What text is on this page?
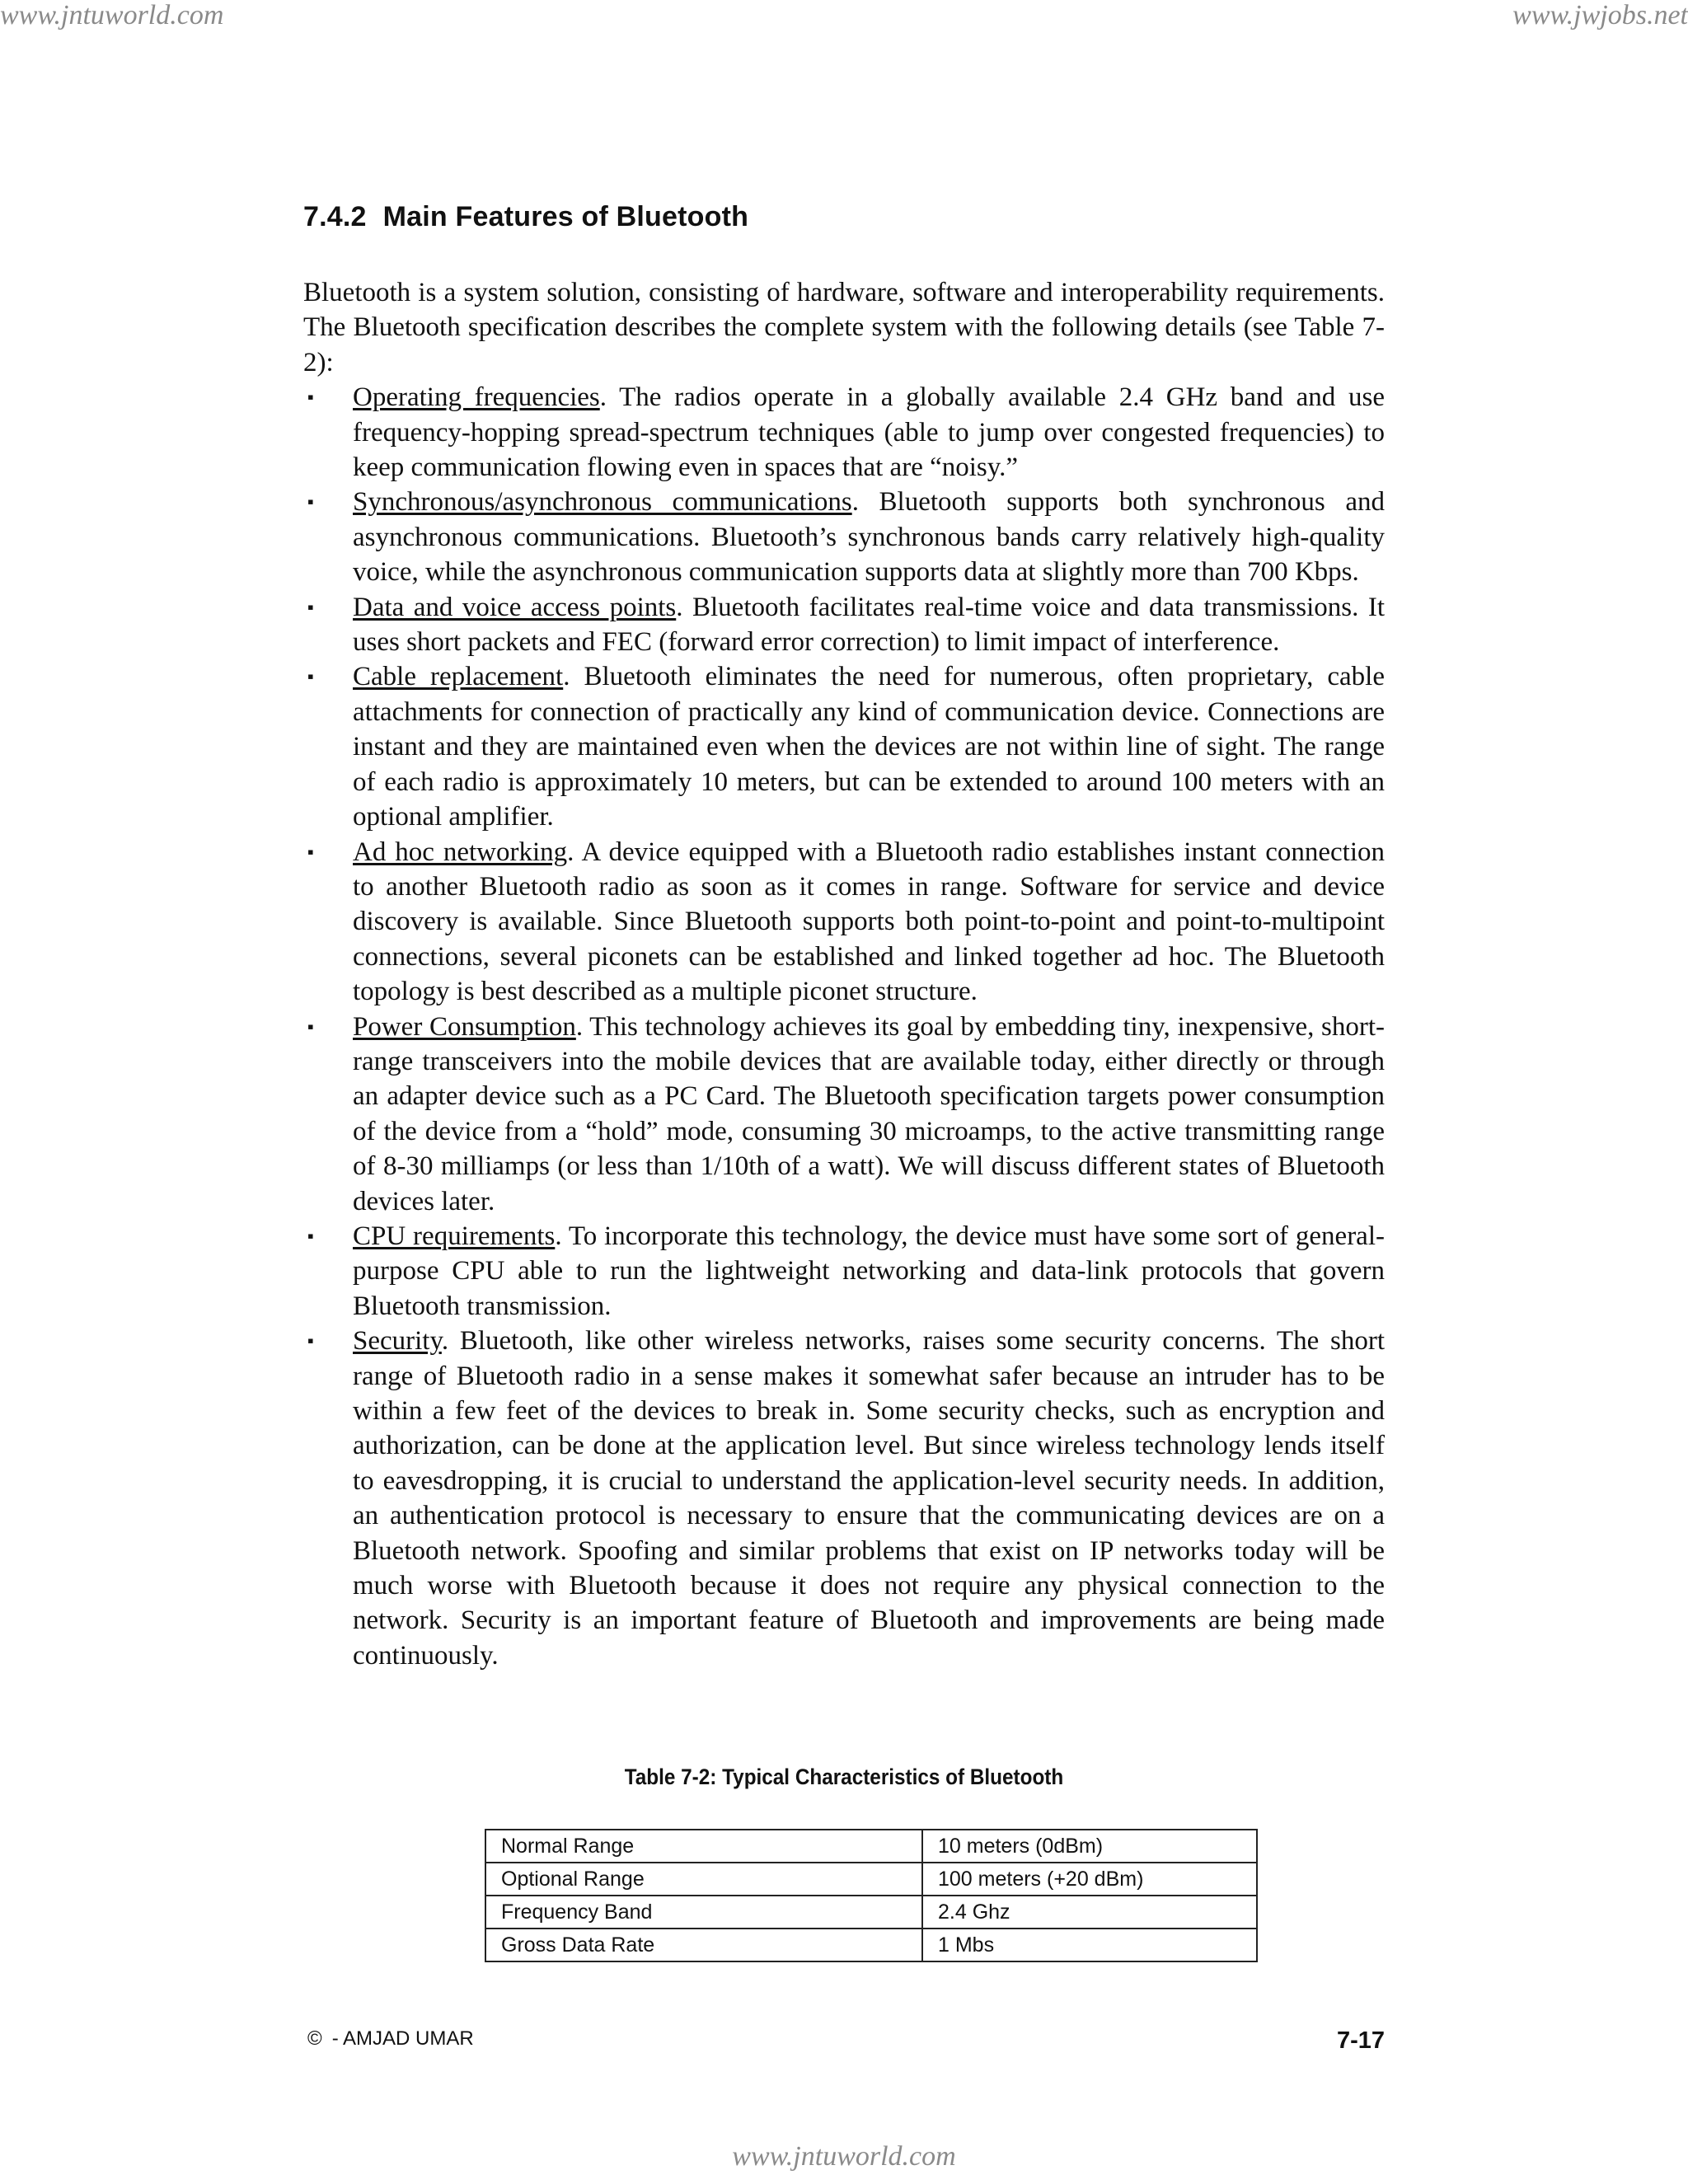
www.jntuworld.com	www.jwjobs.net
7.4.2 Main Features of Bluetooth

Bluetooth is a system solution, consisting of hardware, software and interoperability requirements. The Bluetooth specification describes the complete system with the following details (see Table 7-2):

▪ Operating frequencies. The radios operate in a globally available 2.4 GHz band and use frequency-hopping spread-spectrum techniques (able to jump over congested frequencies) to keep communication flowing even in spaces that are “noisy.”
▪ Synchronous/asynchronous communications. Bluetooth supports both synchronous and asynchronous communications. Bluetooth’s synchronous bands carry relatively high-quality voice, while the asynchronous communication supports data at slightly more than 700 Kbps.
▪ Data and voice access points. Bluetooth facilitates real-time voice and data transmissions. It uses short packets and FEC (forward error correction) to limit impact of interference.
▪ Cable replacement. Bluetooth eliminates the need for numerous, often proprietary, cable attachments for connection of practically any kind of communication device. Connections are instant and they are maintained even when the devices are not within line of sight. The range of each radio is approximately 10 meters, but can be extended to around 100 meters with an optional amplifier.
▪ Ad hoc networking. A device equipped with a Bluetooth radio establishes instant connection to another Bluetooth radio as soon as it comes in range. Software for service and device discovery is available. Since Bluetooth supports both point-to-point and point-to-multipoint connections, several piconets can be established and linked together ad hoc. The Bluetooth topology is best described as a multiple piconet structure.
▪ Power Consumption. This technology achieves its goal by embedding tiny, inexpensive, short-range transceivers into the mobile devices that are available today, either directly or through an adapter device such as a PC Card. The Bluetooth specification targets power consumption of the device from a “hold” mode, consuming 30 microamps, to the active transmitting range of 8-30 milliamps (or less than 1/10th of a watt). We will discuss different states of Bluetooth devices later.
▪ CPU requirements. To incorporate this technology, the device must have some sort of general-purpose CPU able to run the lightweight networking and data-link protocols that govern Bluetooth transmission.
▪ Security. Bluetooth, like other wireless networks, raises some security concerns. The short range of Bluetooth radio in a sense makes it somewhat safer because an intruder has to be within a few feet of the devices to break in. Some security checks, such as encryption and authorization, can be done at the application level. But since wireless technology lends itself to eavesdropping, it is crucial to understand the application-level security needs. In addition, an authentication protocol is necessary to ensure that the communicating devices are on a Bluetooth network. Spoofing and similar problems that exist on IP networks today will be much worse with Bluetooth because it does not require any physical connection to the network. Security is an important feature of Bluetooth and improvements are being made continuously.
Table 7-2: Typical Characteristics of Bluetooth
Normal Range	10 meters (0dBm)
Optional Range	100 meters (+20 dBm)
Frequency Band	2.4 Ghz
Gross Data Rate	1 Mbs
© - AMJAD UMAR	7-17
www.jntuworld.com
